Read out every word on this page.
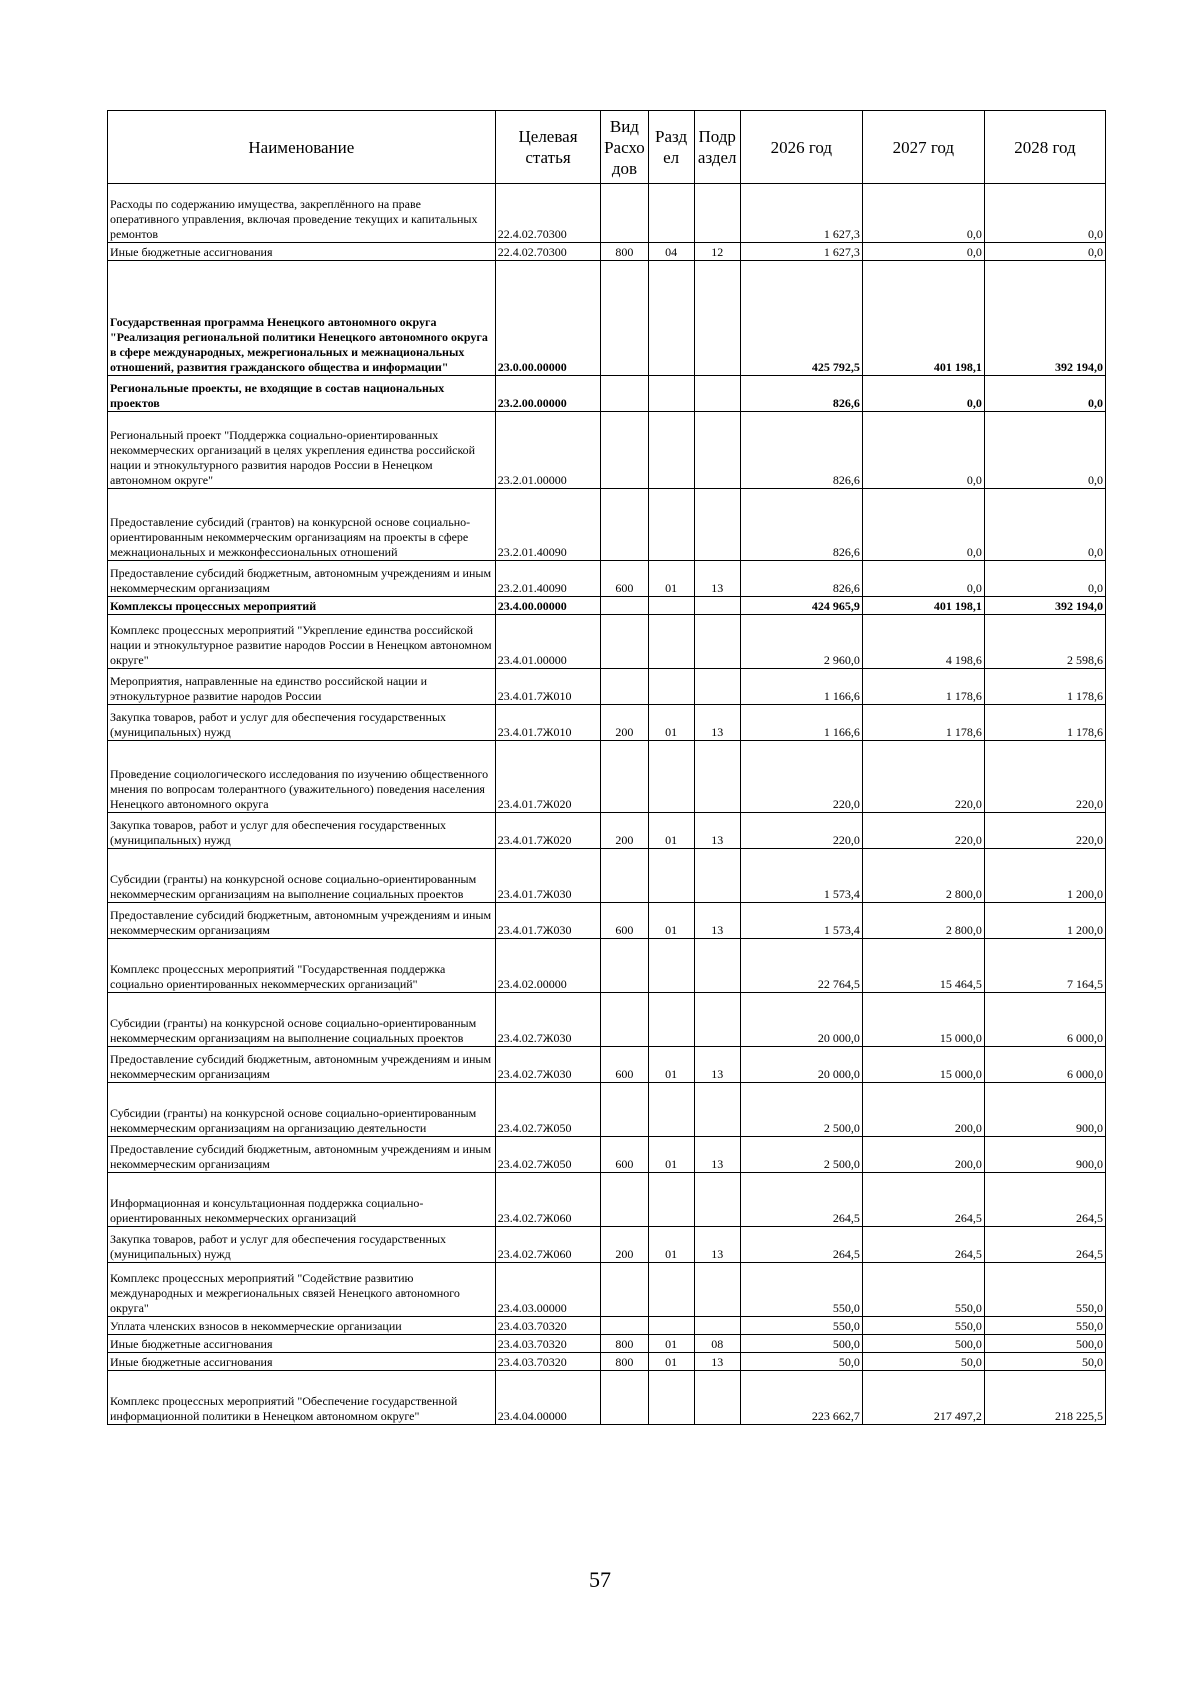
Наименование	Целевая статья	Вид Расхо дов	Разд ел	Подр аздел	2026 год	2027 год	2028 год
Расходы по содержанию имущества, закреплённого на праве оперативного управления, включая проведение текущих и капитальных ремонтов	22.4.02.70300				1 627,3	0,0	0,0
Иные бюджетные ассигнования	22.4.02.70300	800	04	12	1 627,3	0,0	0,0
Государственная программа Ненецкого автономного округа "Реализация региональной политики Ненецкого автономного округа в сфере международных, межрегиональных и межнациональных отношений, развития гражданского общества и информации"	23.0.00.00000				425 792,5	401 198,1	392 194,0
Региональные проекты, не входящие в состав национальных проектов	23.2.00.00000				826,6	0,0	0,0
Региональный проект "Поддержка социально-ориентированных некоммерческих организаций в целях укрепления единства российской нации и этнокультурного развития народов России в Ненецком автономном округе"	23.2.01.00000				826,6	0,0	0,0
Предоставление субсидий (грантов) на конкурсной основе социально-ориентированным некоммерческим организациям на проекты в сфере межнациональных и межконфессиональных отношений	23.2.01.40090				826,6	0,0	0,0
Предоставление субсидий бюджетным, автономным учреждениям и иным некоммерческим организациям	23.2.01.40090	600	01	13	826,6	0,0	0,0
Комплексы процессных мероприятий	23.4.00.00000				424 965,9	401 198,1	392 194,0
Комплекс процессных мероприятий "Укрепление единства российской нации и этнокультурное развитие народов России в Ненецком автономном округе"	23.4.01.00000				2 960,0	4 198,6	2 598,6
Мероприятия, направленные на единство российской нации и этнокультурное развитие народов России	23.4.01.7Ж010				1 166,6	1 178,6	1 178,6
Закупка товаров, работ и услуг для обеспечения государственных (муниципальных) нужд	23.4.01.7Ж010	200	01	13	1 166,6	1 178,6	1 178,6
Проведение социологического исследования по изучению общественного мнения по вопросам толерантного (уважительного) поведения населения Ненецкого автономного округа	23.4.01.7Ж020				220,0	220,0	220,0
Закупка товаров, работ и услуг для обеспечения государственных (муниципальных) нужд	23.4.01.7Ж020	200	01	13	220,0	220,0	220,0
Субсидии (гранты) на конкурсной основе социально-ориентированным некоммерческим организациям на выполнение социальных проектов	23.4.01.7Ж030				1 573,4	2 800,0	1 200,0
Предоставление субсидий бюджетным, автономным учреждениям и иным некоммерческим организациям	23.4.01.7Ж030	600	01	13	1 573,4	2 800,0	1 200,0
Комплекс процессных мероприятий "Государственная поддержка социально ориентированных некоммерческих организаций"	23.4.02.00000				22 764,5	15 464,5	7 164,5
Субсидии (гранты) на конкурсной основе социально-ориентированным некоммерческим организациям на выполнение социальных проектов	23.4.02.7Ж030				20 000,0	15 000,0	6 000,0
Предоставление субсидий бюджетным, автономным учреждениям и иным некоммерческим организациям	23.4.02.7Ж030	600	01	13	20 000,0	15 000,0	6 000,0
Субсидии (гранты) на конкурсной основе социально-ориентированным некоммерческим организациям на организацию деятельности	23.4.02.7Ж050				2 500,0	200,0	900,0
Предоставление субсидий бюджетным, автономным учреждениям и иным некоммерческим организациям	23.4.02.7Ж050	600	01	13	2 500,0	200,0	900,0
Информационная и консультационная поддержка социально-ориентированных некоммерческих организаций	23.4.02.7Ж060				264,5	264,5	264,5
Закупка товаров, работ и услуг для обеспечения государственных (муниципальных) нужд	23.4.02.7Ж060	200	01	13	264,5	264,5	264,5
Комплекс процессных мероприятий "Содействие развитию международных и межрегиональных связей Ненецкого автономного округа"	23.4.03.00000				550,0	550,0	550,0
Уплата членских взносов в некоммерческие организации	23.4.03.70320				550,0	550,0	550,0
Иные бюджетные ассигнования	23.4.03.70320	800	01	08	500,0	500,0	500,0
Иные бюджетные ассигнования	23.4.03.70320	800	01	13	50,0	50,0	50,0
Комплекс процессных мероприятий "Обеспечение государственной информационной политики в Ненецком автономном округе"	23.4.04.00000				223 662,7	217 497,2	218 225,5
57
